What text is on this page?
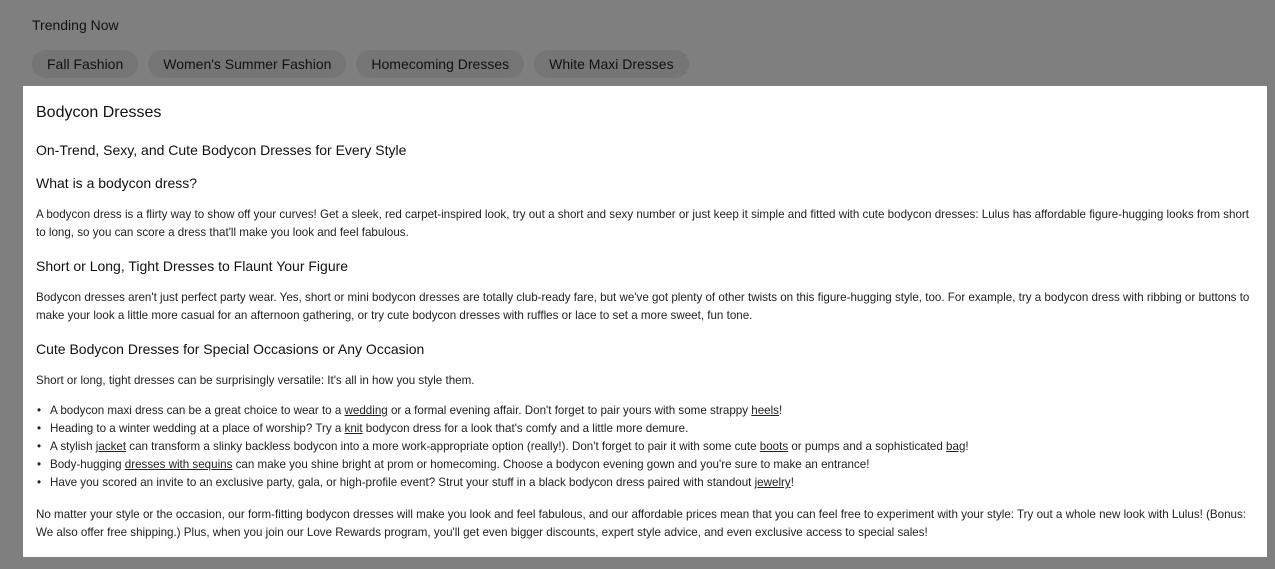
Trending Now
Fall Fashion	Women's Summer Fashion	Homecoming Dresses	White Maxi Dresses
Bodycon Dresses
On-Trend, Sexy, and Cute Bodycon Dresses for Every Style
What is a bodycon dress?
A bodycon dress is a flirty way to show off your curves! Get a sleek, red carpet-inspired look, try out a short and sexy number or just keep it simple and fitted with cute bodycon dresses: Lulus has affordable figure-hugging looks from short to long, so you can score a dress that'll make you look and feel fabulous.
Short or Long, Tight Dresses to Flaunt Your Figure
Bodycon dresses aren't just perfect party wear. Yes, short or mini bodycon dresses are totally club-ready fare, but we've got plenty of other twists on this figure-hugging style, too. For example, try a bodycon dress with ribbing or buttons to make your look a little more casual for an afternoon gathering, or try cute bodycon dresses with ruffles or lace to set a more sweet, fun tone.
Cute Bodycon Dresses for Special Occasions or Any Occasion
Short or long, tight dresses can be surprisingly versatile: It's all in how you style them.
• A bodycon maxi dress can be a great choice to wear to a wedding or a formal evening affair. Don't forget to pair yours with some strappy heels!
• Heading to a winter wedding at a place of worship? Try a knit bodycon dress for a look that's comfy and a little more demure.
• A stylish jacket can transform a slinky backless bodycon into a more work-appropriate option (really!). Don't forget to pair it with some cute boots or pumps and a sophisticated bag!
• Body-hugging dresses with sequins can make you shine bright at prom or homecoming. Choose a bodycon evening gown and you're sure to make an entrance!
• Have you scored an invite to an exclusive party, gala, or high-profile event? Strut your stuff in a black bodycon dress paired with standout jewelry!
No matter your style or the occasion, our form-fitting bodycon dresses will make you look and feel fabulous, and our affordable prices mean that you can feel free to experiment with your style: Try out a whole new look with Lulus! (Bonus: We also offer free shipping.) Plus, when you join our Love Rewards program, you'll get even bigger discounts, expert style advice, and even exclusive access to special sales!
